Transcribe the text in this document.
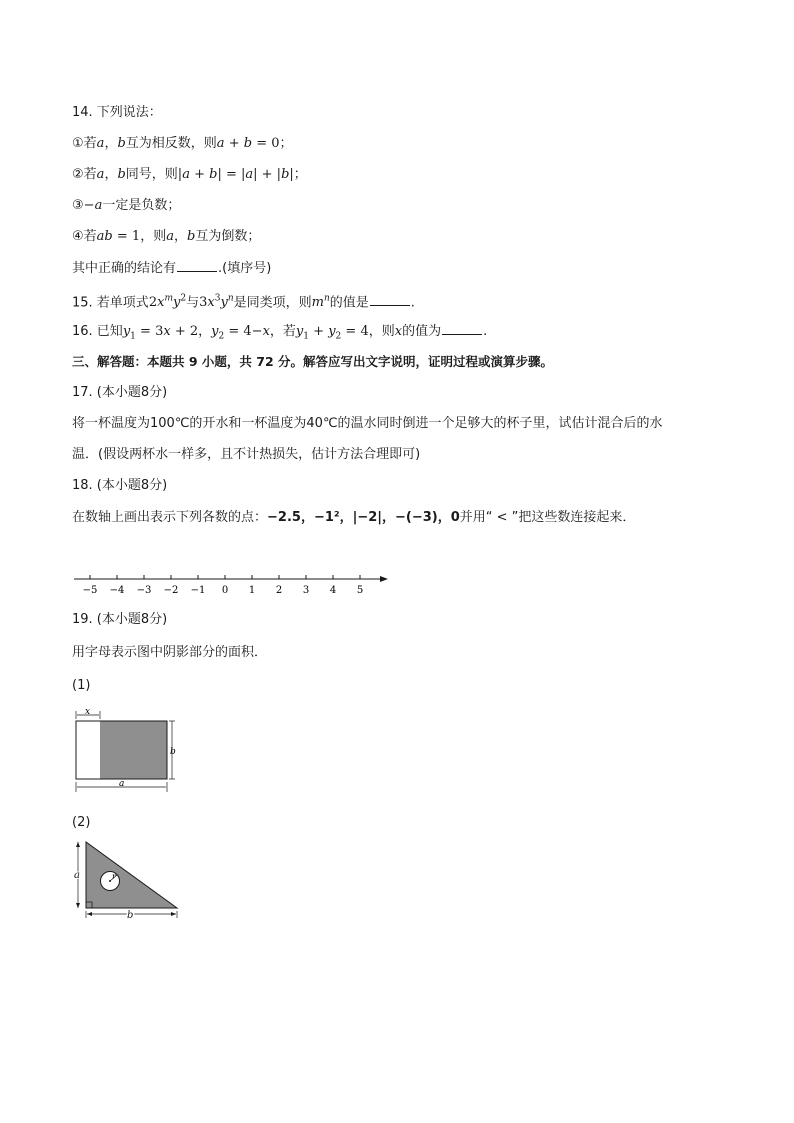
14. 下列说法：
①若a，b互为相反数，则a + b = 0；
②若a，b同号，则|a + b| = |a| + |b|；
③−a一定是负数；
④若ab = 1，则a，b互为倒数；
其中正确的结论有	.(填序号)
15. 若单项式$2x^my^2$与$3x^3y^n$是同类项，则$m^n$的值是	.
16. 已知$y_1 = 3x + 2$，$y_2 = 4-x$，若$y_1 + y_2 = 4$，则x的值为	.
三、解答题：本题共 9 小题，共 72 分。解答应写出文字说明，证明过程或演算步骤。
17. (本小题8分)
将一杯温度为100℃的开水和一杯温度为40℃的温水同时倒进一个足够大的杯子里，试估计混合后的水
温．(假设两杯水一样多，且不计热损失，估计方法合理即可)
18. (本小题8分)
在数轴上画出表示下列各数的点：−2.5，−1²，|−2|，−(−3)，0并用“ < ”把这些数连接起来．
−5 −4 −3 −2 −1 0 1 2 3 4 5
19. (本小题8分)
用字母表示图中阴影部分的面积．
(1)
x
b
a
(2)
r
a
b
